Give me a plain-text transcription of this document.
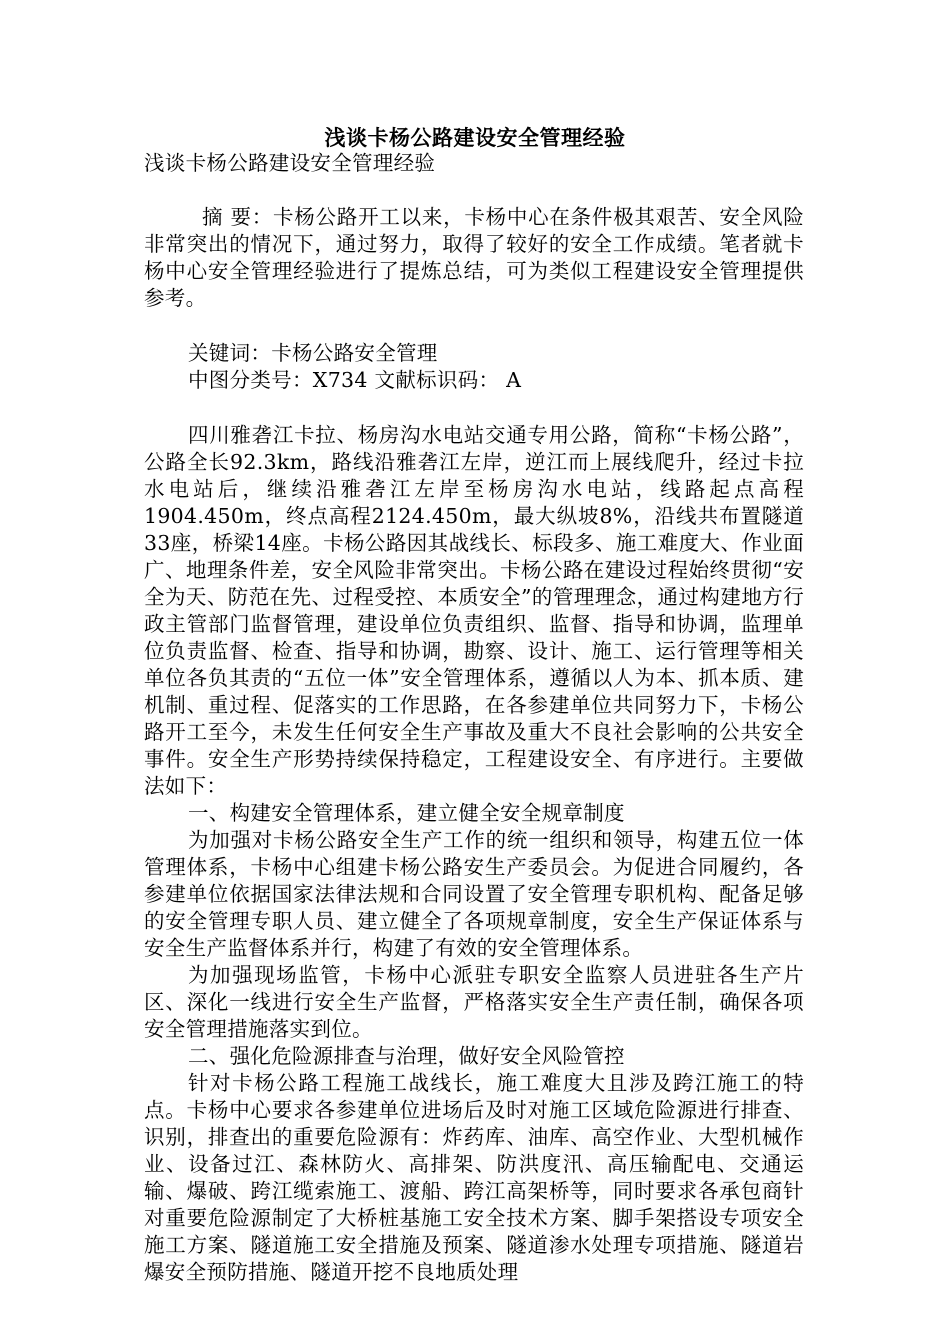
浅谈卡杨公路建设安全管理经验

浅谈卡杨公路建设安全管理经验

摘 要：卡杨公路开工以来，卡杨中心在条件极其艰苦、安全风险非常突出的情况下，通过努力，取得了较好的安全工作成绩。笔者就卡杨中心安全管理经验进行了提炼总结，可为类似工程建设安全管理提供参考。

关键词：卡杨公路安全管理

中图分类号：X734 文献标识码： A

四川雅砻江卡拉、杨房沟水电站交通专用公路，简称“卡杨公路”，公路全长92.3km，路线沿雅砻江左岸，逆江而上展线爬升，经过卡拉水电站后，继续沿雅砻江左岸至杨房沟水电站，线路起点高程1904.450m，终点高程2124.450m，最大纵坡8%，沿线共布置隧道33座，桥梁14座。卡杨公路因其战线长、标段多、施工难度大、作业面广、地理条件差，安全风险非常突出。卡杨公路在建设过程始终贯彻“安全为天、防范在先、过程受控、本质安全”的管理理念，通过构建地方行政主管部门监督管理，建设单位负责组织、监督、指导和协调，监理单位负责监督、检查、指导和协调，勘察、设计、施工、运行管理等相关单位各负其责的“五位一体”安全管理体系，遵循以人为本、抓本质、建机制、重过程、促落实的工作思路，在各参建单位共同努力下，卡杨公路开工至今，未发生任何安全生产事故及重大不良社会影响的公共安全事件。安全生产形势持续保持稳定，工程建设安全、有序进行。主要做法如下：

一、构建安全管理体系，建立健全安全规章制度

为加强对卡杨公路安全生产工作的统一组织和领导，构建五位一体管理体系，卡杨中心组建卡杨公路安生产委员会。为促进合同履约，各参建单位依据国家法律法规和合同设置了安全管理专职机构、配备足够的安全管理专职人员、建立健全了各项规章制度，安全生产保证体系与安全生产监督体系并行，构建了有效的安全管理体系。

为加强现场监管，卡杨中心派驻专职安全监察人员进驻各生产片区、深化一线进行安全生产监督，严格落实安全生产责任制，确保各项安全管理措施落实到位。

二、强化危险源排查与治理，做好安全风险管控

针对卡杨公路工程施工战线长，施工难度大且涉及跨江施工的特点。卡杨中心要求各参建单位进场后及时对施工区域危险源进行排查、识别，排查出的重要危险源有：炸药库、油库、高空作业、大型机械作业、设备过江、森林防火、高排架、防洪度汛、高压输配电、交通运输、爆破、跨江缆索施工、渡船、跨江高架桥等，同时要求各承包商针对重要危险源制定了大桥桩基施工安全技术方案、脚手架搭设专项安全施工方案、隧道施工安全措施及预案、隧道渗水处理专项措施、隧道岩爆安全预防措施、隧道开挖不良地质处理
